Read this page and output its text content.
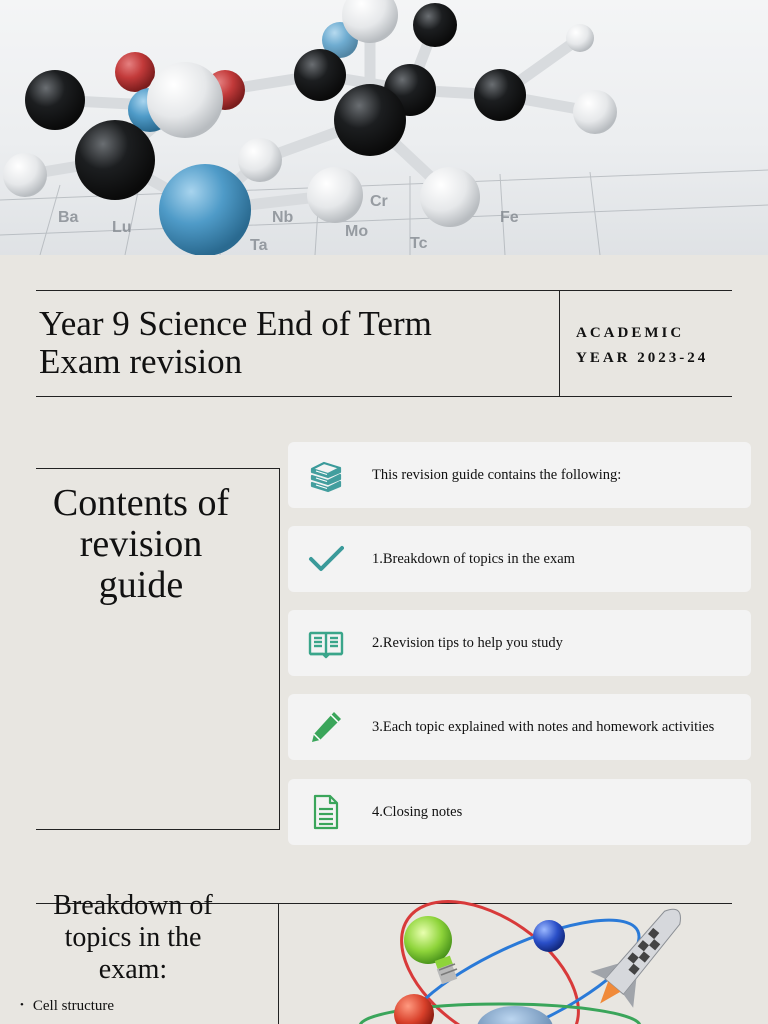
Ba
Lu
Nb
Mo
Tc
Cr
Fe
Ta
Year 9 Science End of Term
Exam revision
ACADEMIC
YEAR 2023-24
Contents of
revision
guide
This revision guide contains the following:
1.Breakdown of topics in the exam
2.Revision tips to help you study
3.Each topic explained with notes and homework activities
4.Closing notes
Breakdown of
topics in the
exam:
• Cell structure
